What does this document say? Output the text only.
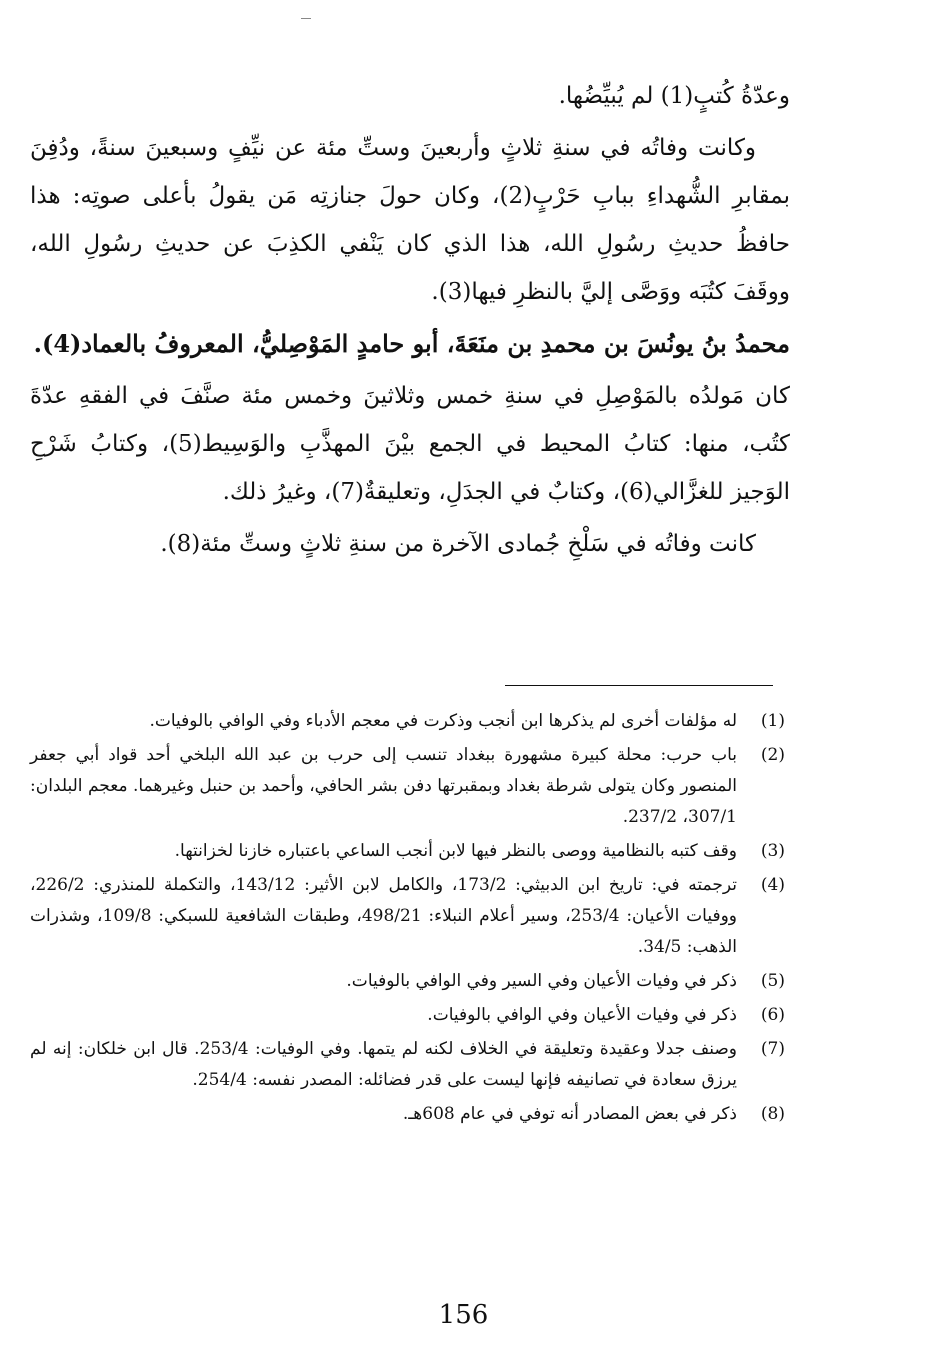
وعدّةُ كُتبٍ(1) لم يُبيِّضُها.

وكانت وفاتُه في سنةِ ثلاثٍ وأربعينَ وستِّ مئة عن نيِّفٍ وسبعينَ سنةً، ودُفِنَ بمقابرِ الشُّهداءِ ببابِ حَرْبٍ(2)، وكان حولَ جنازتِه مَن يقولُ بأعلى صوتِه: هذا حافظُ حديثِ رسُولِ الله، هذا الذي كان يَنْفي الكذِبَ عن حديثِ رسُولِ الله، ووقَفَ كتُبَه ووَصَّى إليَّ بالنظرِ فيها(3).

محمدُ بنُ يونُسَ بن محمدِ بن منَعَةَ، أبو حامدٍ المَوْصِليُّ، المعروفُ بالعماد(4).

كان مَولدُه بالمَوْصِلِ في سنةِ خمس وثلاثينَ وخمس مئة صنَّفَ في الفقهِ عدّةَ كتُب، منها: كتابُ المحيط في الجمع بيْنَ المهذَّبِ والوَسِيط(5)، وكتابُ شَرْحِ الوَجيز للغزَّالي(6)، وكتابٌ في الجدَلِ، وتعليقةٌ(7)، وغيرُ ذلك.

كانت وفاتُه في سَلْخِ جُمادى الآخرة من سنةِ ثلاثٍ وستِّ مئة(8).

(1)
له مؤلفات أخرى لم يذكرها ابن أنجب وذكرت في معجم الأدباء وفي الوافي بالوفيات.
(2)
باب حرب: محلة كبيرة مشهورة ببغداد تنسب إلى حرب بن عبد الله البلخي أحد قواد أبي جعفر المنصور وكان يتولى شرطة بغداد وبمقبرتها دفن بشر الحافي، وأحمد بن حنبل وغيرهما. معجم البلدان: 307/1، 237/2.
(3)
وقف كتبه بالنظامية ووصى بالنظر فيها لابن أنجب الساعي باعتباره خازنا لخزانتها.
(4)
ترجمته في: تاريخ ابن الدبيثي: 173/2، والكامل لابن الأثير: 143/12، والتكملة للمنذري: 226/2، ووفيات الأعيان: 253/4، وسير أعلام النبلاء: 498/21، وطبقات الشافعية للسبكي: 109/8، وشذرات الذهب: 34/5.
(5)
ذكر في وفيات الأعيان وفي السير وفي الوافي بالوفيات.
(6)
ذكر في وفيات الأعيان وفي الوافي بالوفيات.
(7)
وصنف جدلا وعقيدة وتعليقة في الخلاف لكنه لم يتمها. وفي الوفيات: 253/4. قال ابن خلكان: إنه لم يرزق سعادة في تصانيفه فإنها ليست على قدر فضائله: المصدر نفسه: 254/4.
(8)
ذكر في بعض المصادر أنه توفي في عام 608هـ.
156
